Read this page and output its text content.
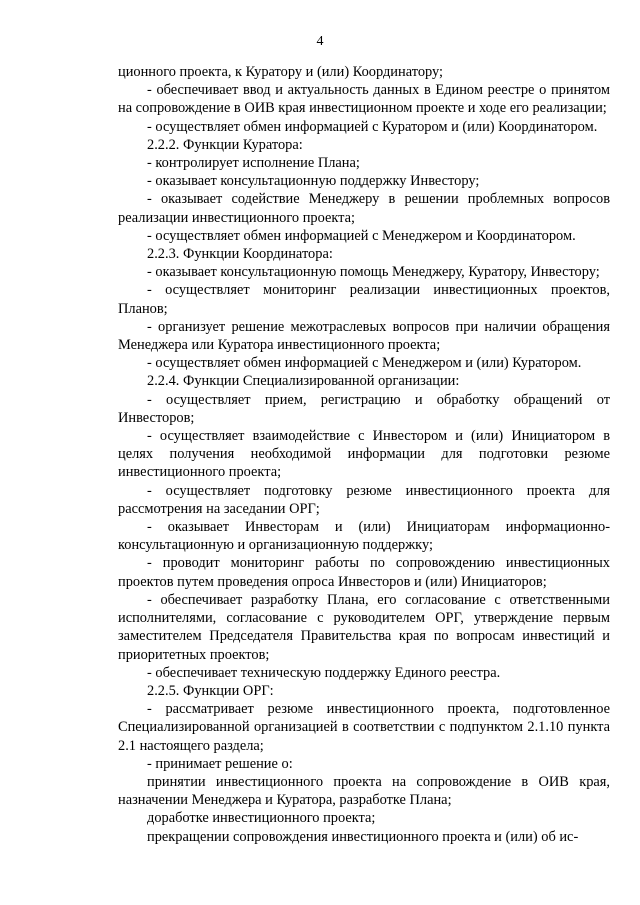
4

ционного проекта, к Куратору и (или) Координатору;

- обеспечивает ввод и актуальность данных в Едином реестре о принятом на сопровождение в ОИВ края инвестиционном проекте и ходе его реализации;

- осуществляет обмен информацией с Куратором и (или) Координатором.

2.2.2. Функции Куратора:

- контролирует исполнение Плана;

- оказывает консультационную поддержку Инвестору;

- оказывает содействие Менеджеру в решении проблемных вопросов реализации инвестиционного проекта;

- осуществляет обмен информацией с Менеджером и Координатором.

2.2.3. Функции Координатора:

- оказывает консультационную помощь Менеджеру, Куратору, Инвестору;

- осуществляет мониторинг реализации инвестиционных проектов, Планов;

- организует решение межотраслевых вопросов при наличии обращения Менеджера или Куратора инвестиционного проекта;

- осуществляет обмен информацией с Менеджером и (или) Куратором.

2.2.4. Функции Специализированной организации:

- осуществляет прием, регистрацию и обработку обращений от Инвесторов;

- осуществляет взаимодействие с Инвестором и (или) Инициатором в целях получения необходимой информации для подготовки резюме инвестиционного проекта;

- осуществляет подготовку резюме инвестиционного проекта для рассмотрения на заседании ОРГ;

- оказывает Инвесторам и (или) Инициаторам информационно-консультационную и организационную поддержку;

- проводит мониторинг работы по сопровождению инвестиционных проектов путем проведения опроса Инвесторов и (или) Инициаторов;

- обеспечивает разработку Плана, его согласование с ответственными исполнителями, согласование с руководителем ОРГ, утверждение первым заместителем Председателя Правительства края по вопросам инвестиций и приоритетных проектов;

- обеспечивает техническую поддержку Единого реестра.

2.2.5. Функции ОРГ:

- рассматривает резюме инвестиционного проекта, подготовленное Специализированной организацией в соответствии с подпунктом 2.1.10 пункта 2.1 настоящего раздела;

- принимает решение о:

принятии инвестиционного проекта на сопровождение в ОИВ края, назначении Менеджера и Куратора, разработке Плана;

доработке инвестиционного проекта;

прекращении сопровождения инвестиционного проекта и (или) об ис-
